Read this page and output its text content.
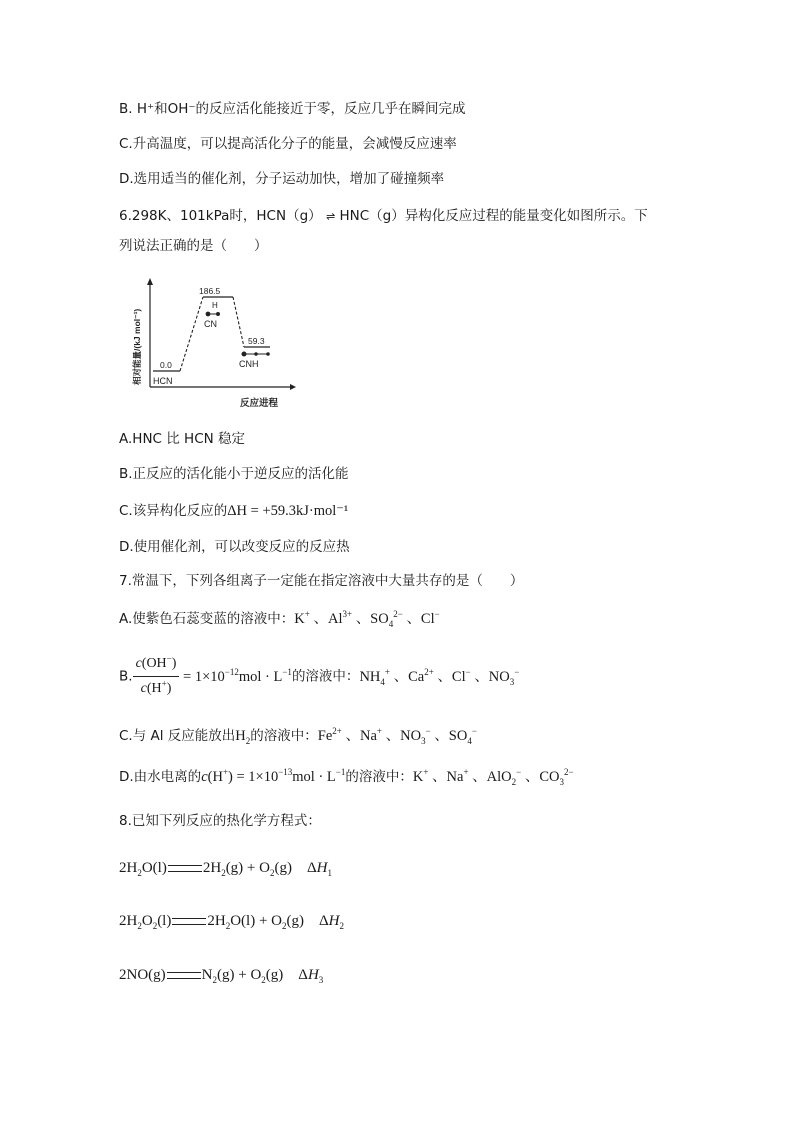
B. H⁺和OH⁻的反应活化能接近于零，反应几乎在瞬间完成
C.升高温度，可以提高活化分子的能量，会减慢反应速率
D.选用适当的催化剂，分子运动加快，增加了碰撞频率
6.298K、101kPa时，HCN（g） ⇌ HNC（g）异构化反应过程的能量变化如图所示。下
列说法正确的是（　　）
相对能量/(kJ mol⁻¹)
反应进程
0.0
HCN
186.5
H
CN
59.3
CNH
A.HNC 比 HCN 稳定
B.正反应的活化能小于逆反应的活化能
C.该异构化反应的ΔH = +59.3kJ·mol⁻¹
D.使用催化剂，可以改变反应的反应热
7.常温下，下列各组离子一定能在指定溶液中大量共存的是（　　）
A.使紫色石蕊变蓝的溶液中：K+ 、$Al^{3+}$ 、$SO_4^{2-}$ 、Cl−
B. $\frac{c(OH^-)}{c(H^+)} = 1\times 10^{-12}mol \cdot L^{-1}$的溶液中：$NH_4^+$ 、$Ca^{2+}$ 、Cl− 、$NO_3^-$
C.与 Al 反应能放出$H_2$的溶液中：$Fe^{2+}$ 、Na+ 、$NO_3^-$ 、$SO_4^-$
D.由水电离的$c(H^+) = 1\times 10^{-13}mol \cdot L^{-1}$的溶液中：K+ 、Na+ 、AlO$_2$− 、$CO_3^{2-}$
8.已知下列反应的热化学方程式：
$2H_2O(l) 2H_2(g) + O_2(g)$    $\Delta H_1$
$2H_2O_2(l) 2H_2O(l) + O_2(g)$    $\Delta H_2$
2NO(g) $N_2(g) + O_2(g)$    $\Delta H_3$
